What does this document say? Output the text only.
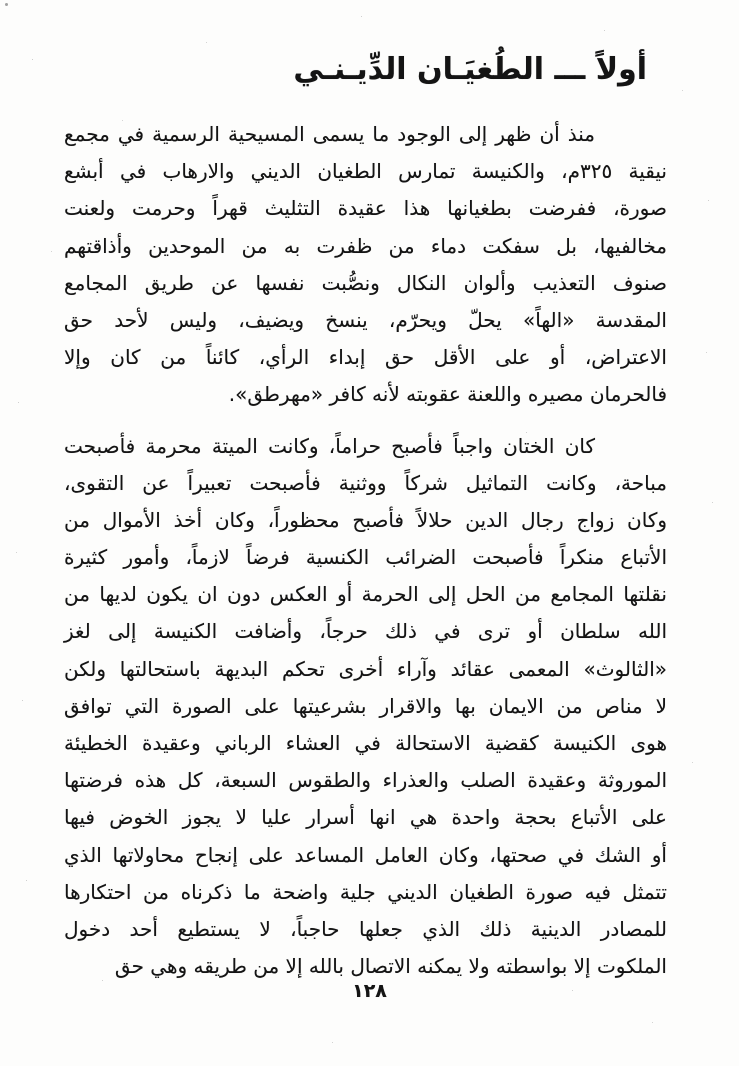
أولاً ـــ الطُغيَـان الدِّيـنـي
منذ أن ظهر إلى الوجود ما يسمى المسيحية الرسمية في مجمع
نيقية ٣٢٥م، والكنيسة تمارس الطغيان الديني والارهاب في أبشع
صورة، ففرضت بطغيانها هذا عقيدة التثليث قهراً وحرمت ولعنت
مخالفيها، بل سفكت دماء من ظفرت به من الموحدين وأذاقتهم
صنوف التعذيب وألوان النكال ونصُّبت نفسها عن طريق المجامع
المقدسة «الهاً» يحلّ ويحرّم، ينسخ ويضيف، وليس لأحد حق
الاعتراض، أو على الأقل حق إبداء الرأي، كائناً من كان وإلا
فالحرمان مصيره واللعنة عقوبته لأنه كافر «مهرطق».
كان الختان واجباً فأصبح حراماً، وكانت الميتة محرمة فأصبحت
مباحة، وكانت التماثيل شركاً ووثنية فأصبحت تعبيراً عن التقوى،
وكان زواج رجال الدين حلالاً فأصبح محظوراً، وكان أخذ الأموال من
الأتباع منكراً فأصبحت الضرائب الكنسية فرضاً لازماً، وأمور كثيرة
نقلتها المجامع من الحل إلى الحرمة أو العكس دون ان يكون لديها من
الله سلطان أو ترى في ذلك حرجاً، وأضافت الكنيسة إلى لغز
«الثالوث» المعمى عقائد وآراء أخرى تحكم البديهة باستحالتها ولكن
لا مناص من الايمان بها والاقرار بشرعيتها على الصورة التي توافق
هوى الكنيسة كقضية الاستحالة في العشاء الرباني وعقيدة الخطيئة
الموروثة وعقيدة الصلب والعذراء والطقوس السبعة، كل هذه فرضتها
على الأتباع بحجة واحدة هي انها أسرار عليا لا يجوز الخوض فيها
أو الشك في صحتها، وكان العامل المساعد على إنجاح محاولاتها الذي
تتمثل فيه صورة الطغيان الديني جلية واضحة ما ذكرناه من احتكارها
للمصادر الدينية ذلك الذي جعلها حاجباً، لا يستطيع أحد دخول
الملكوت إلا بواسطته ولا يمكنه الاتصال بالله إلا من طريقه وهي حق
١٢٨
